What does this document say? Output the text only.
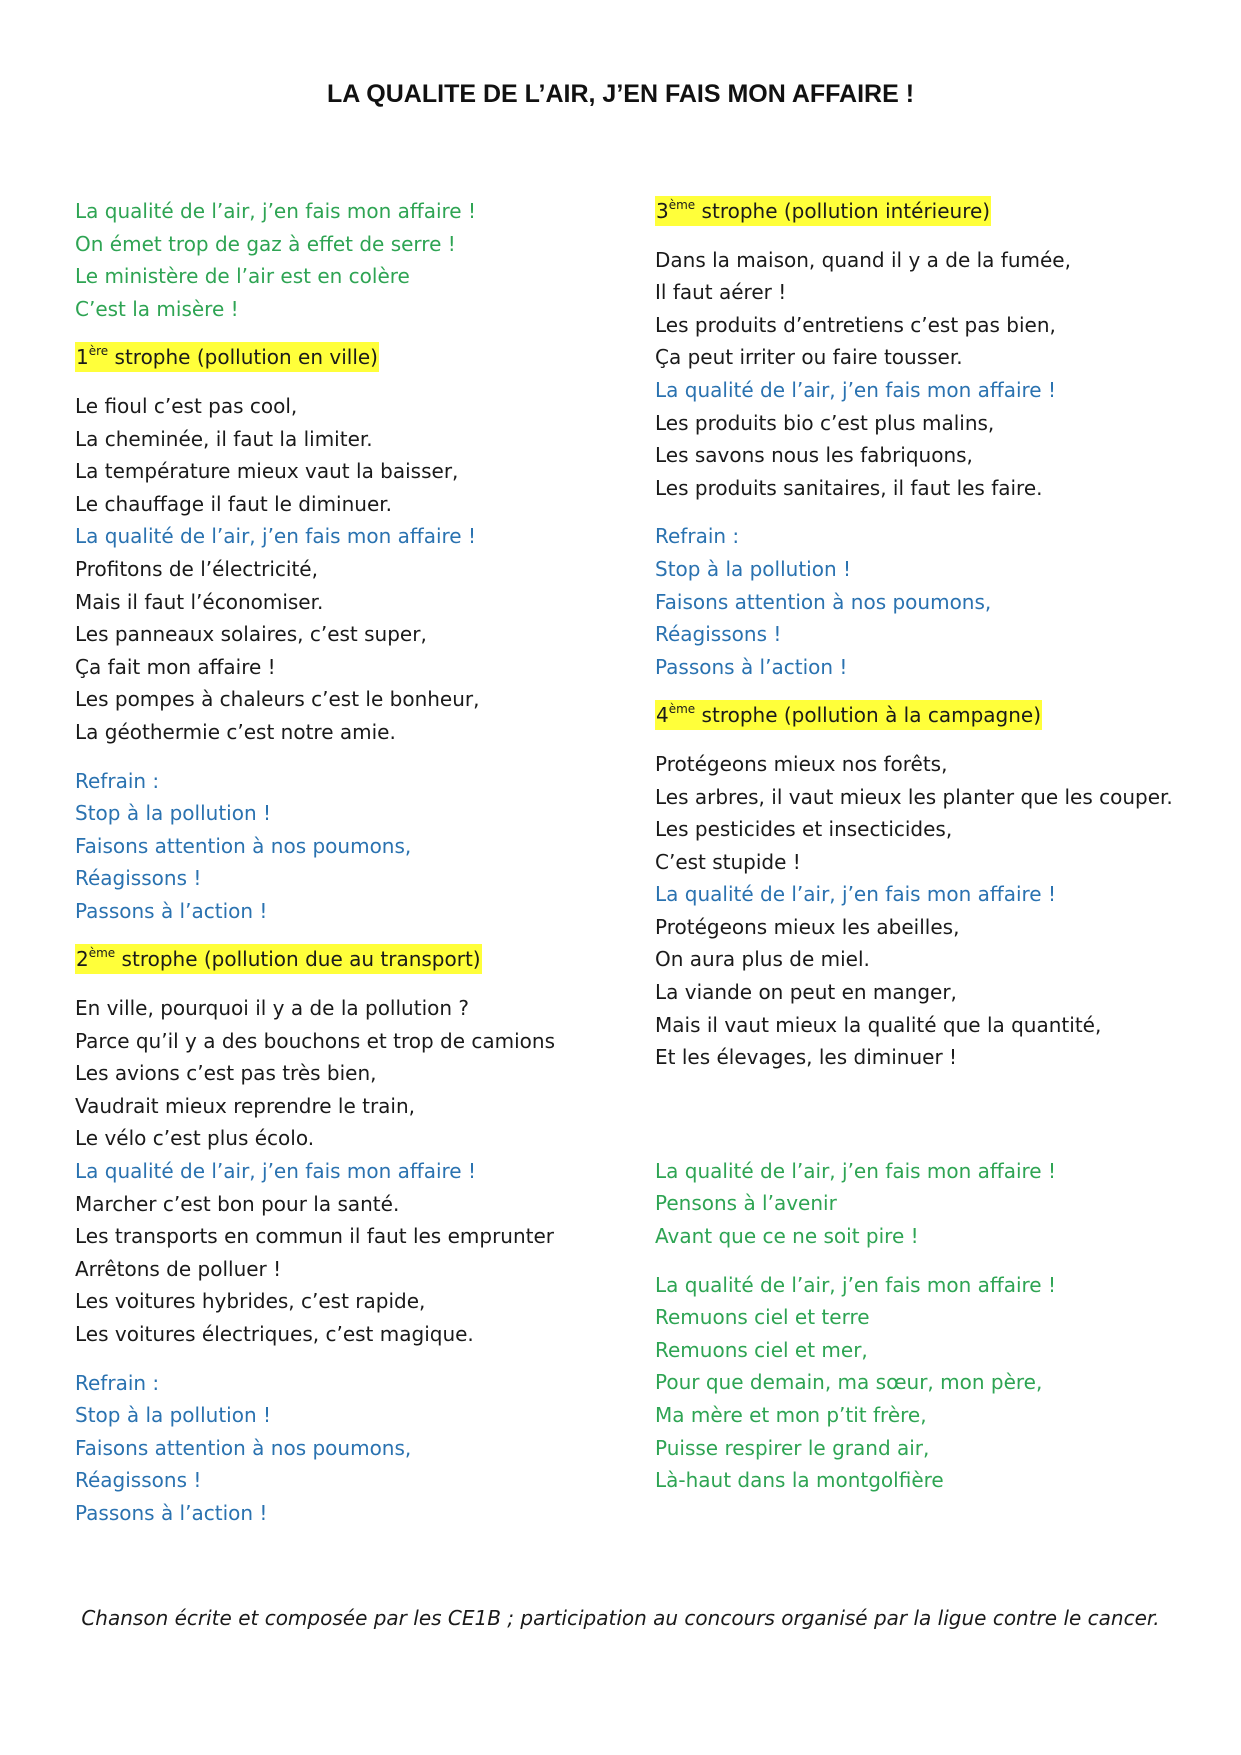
LA QUALITE DE L’AIR, J’EN FAIS MON AFFAIRE !
La qualité de l’air, j’en fais mon affaire !
On émet trop de gaz à effet de serre !
Le ministère de l’air est en colère
C’est la misère !
1ère strophe (pollution en ville)
Le fioul c’est pas cool,
La cheminée, il faut la limiter.
La température mieux vaut la baisser,
Le chauffage il faut le diminuer.
La qualité de l’air, j’en fais mon affaire !
Profitons de l’électricité,
Mais il faut l’économiser.
Les panneaux solaires, c’est super,
Ça fait mon affaire !
Les pompes à chaleurs c’est le bonheur,
La géothermie c’est notre amie.
Refrain :
Stop à la pollution !
Faisons attention à nos poumons,
Réagissons !
Passons à l’action !
2ème strophe (pollution due au transport)
En ville, pourquoi il y a de la pollution ?
Parce qu’il y a des bouchons et trop de camions
Les avions c’est pas très bien,
Vaudrait mieux reprendre le train,
Le vélo c’est plus écolo.
La qualité de l’air, j’en fais mon affaire !
Marcher c’est bon pour la santé.
Les transports en commun il faut les emprunter
Arrêtons de polluer !
Les voitures hybrides, c’est rapide,
Les voitures électriques, c’est magique.
Refrain :
Stop à la pollution !
Faisons attention à nos poumons,
Réagissons !
Passons à l’action !
3ème strophe (pollution intérieure)
Dans la maison, quand il y a de la fumée,
Il faut aérer !
Les produits d’entretiens c’est pas bien,
Ça peut irriter ou faire tousser.
La qualité de l’air, j’en fais mon affaire !
Les produits bio c’est plus malins,
Les savons nous les fabriquons,
Les produits sanitaires, il faut les faire.
Refrain :
Stop à la pollution !
Faisons attention à nos poumons,
Réagissons !
Passons à l’action !
4ème strophe (pollution à la campagne)
Protégeons mieux nos forêts,
Les arbres, il vaut mieux les planter que les couper.
Les pesticides et insecticides,
C’est stupide !
La qualité de l’air, j’en fais mon affaire !
Protégeons mieux les abeilles,
On aura plus de miel.
La viande on peut en manger,
Mais il vaut mieux la qualité que la quantité,
Et les élevages, les diminuer !
La qualité de l’air, j’en fais mon affaire !
Pensons à l’avenir
Avant que ce ne soit pire !
La qualité de l’air, j’en fais mon affaire !
Remuons ciel et terre
Remuons ciel et mer,
Pour que demain, ma sœur, mon père,
Ma mère et mon p’tit frère,
Puisse respirer le grand air,
Là-haut dans la montgolfière
Chanson écrite et composée par les CE1B ; participation au concours organisé par la ligue contre le cancer.
